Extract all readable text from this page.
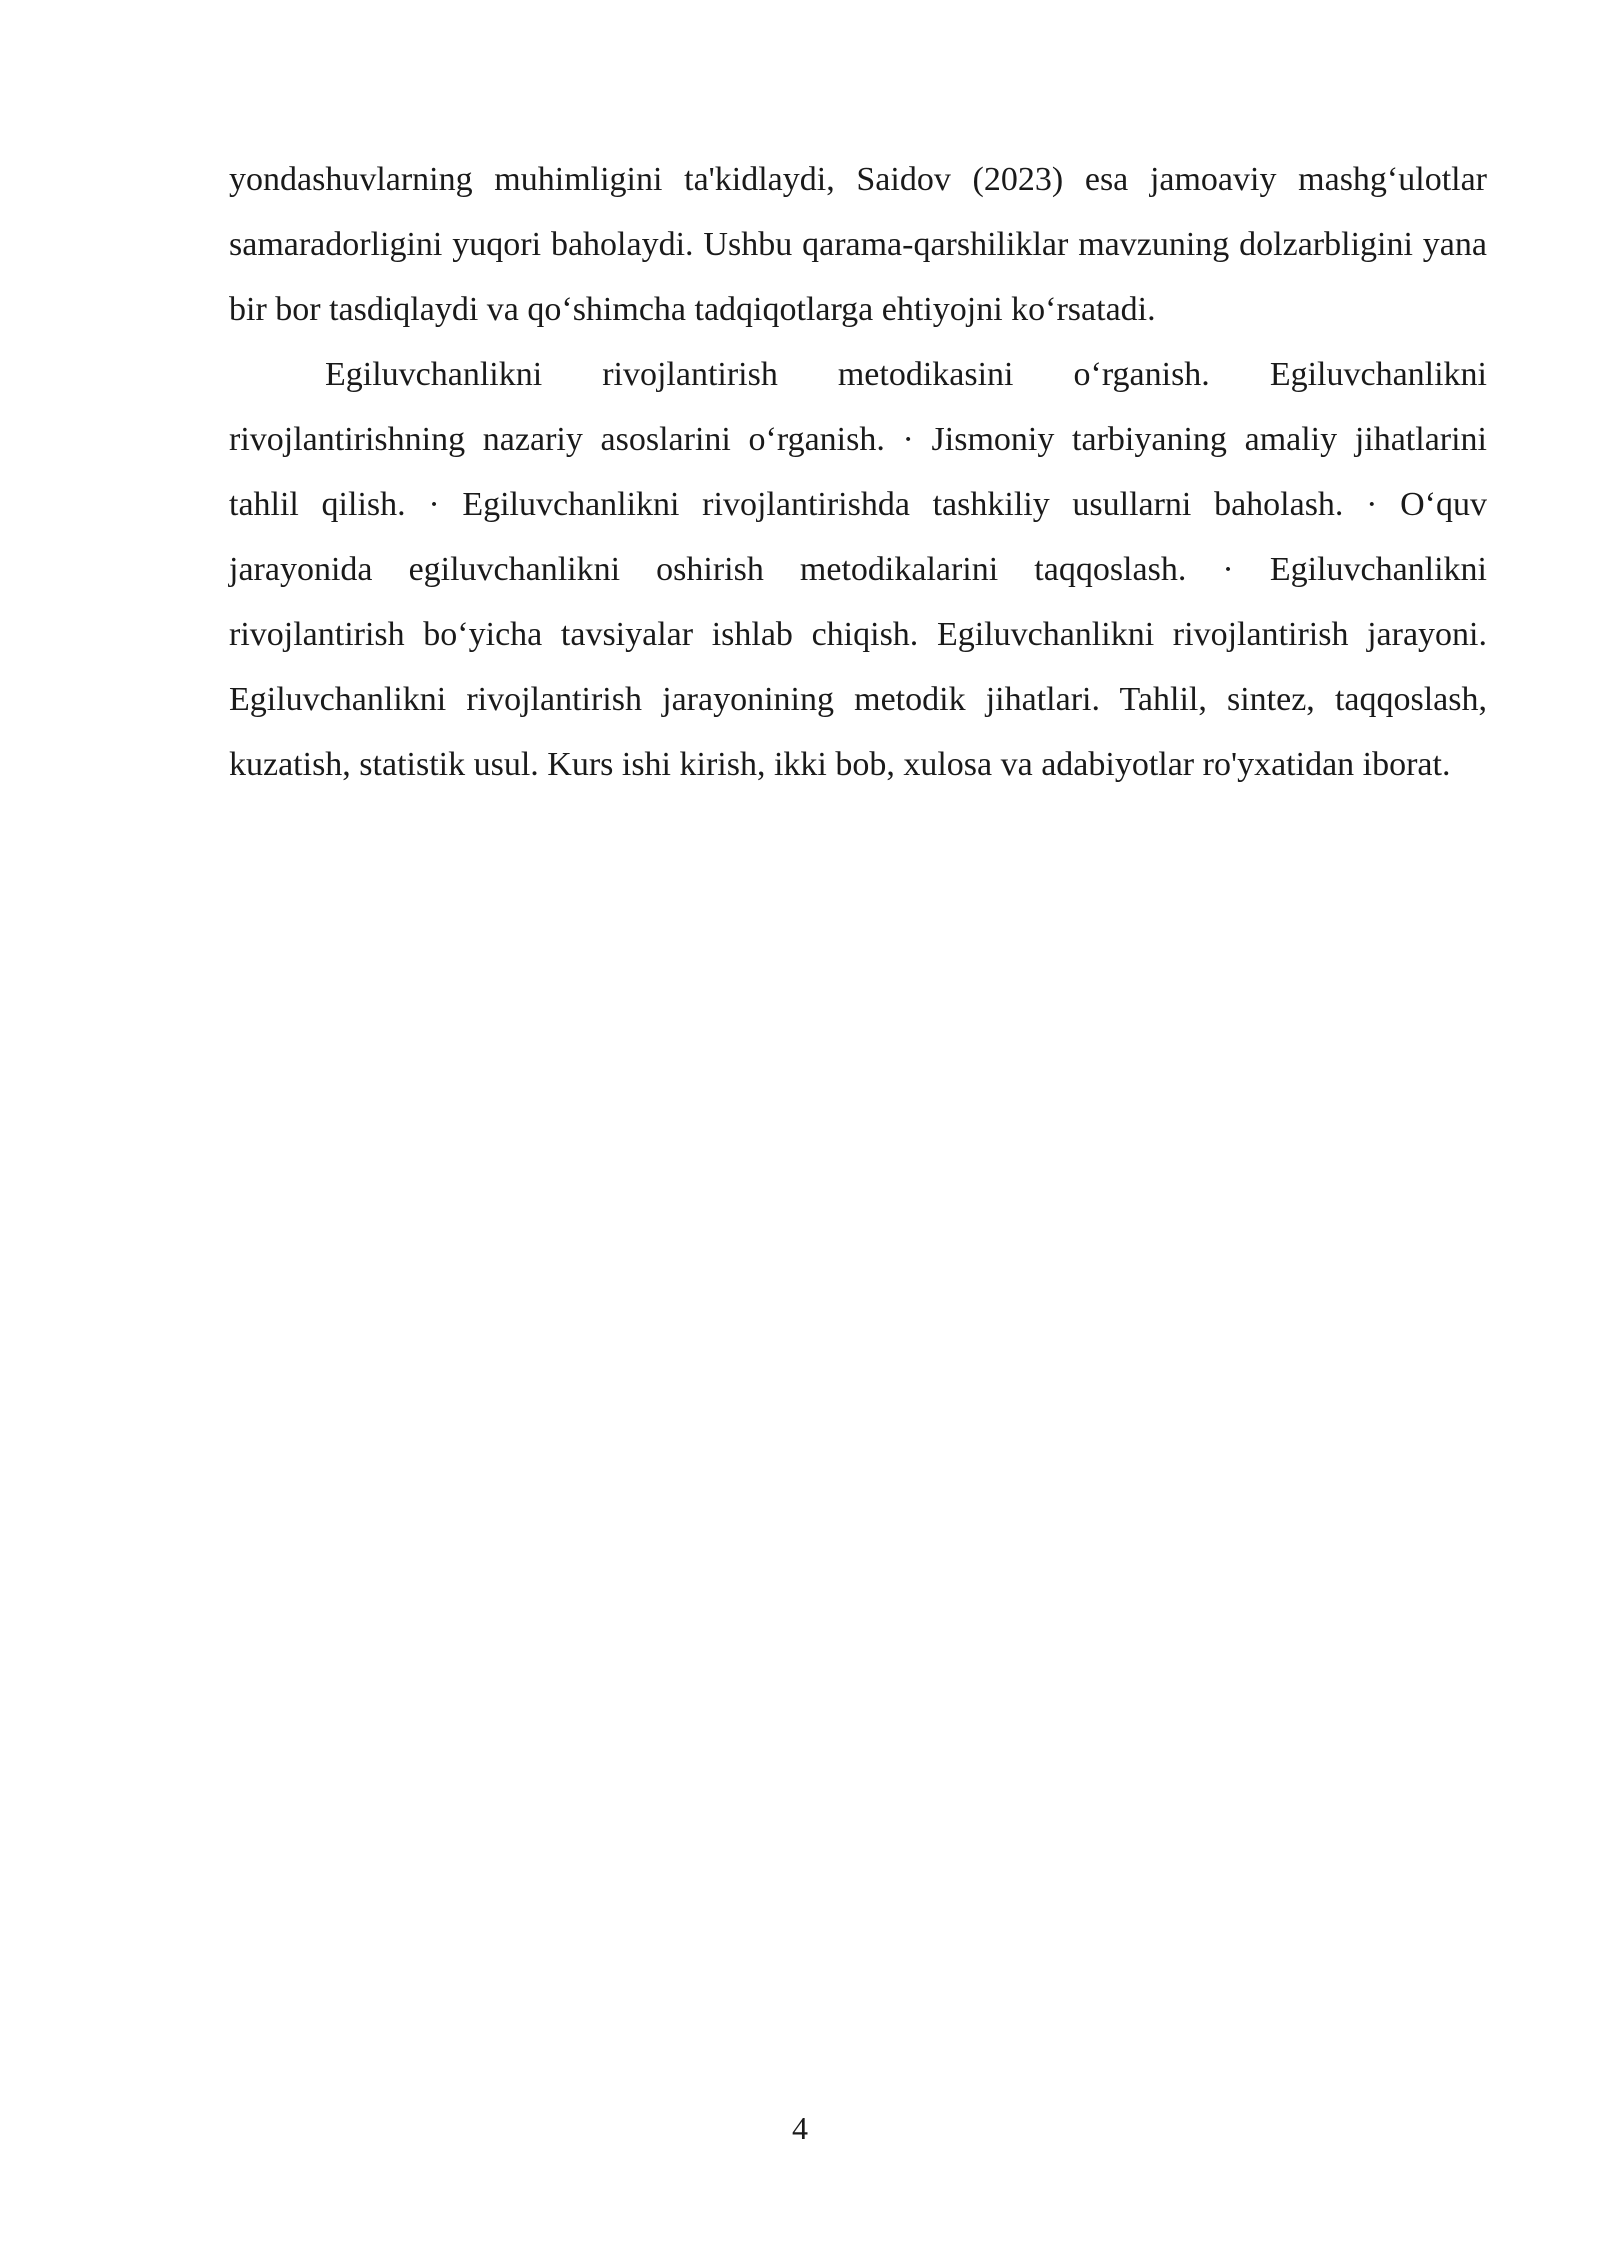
yondashuvlarning muhimligini ta'kidlaydi, Saidov (2023) esa jamoaviy mashg‘ulotlar samaradorligini yuqori baholaydi. Ushbu qarama-qarshiliklar mavzuning dolzarbligini yana bir bor tasdiqlaydi va qo‘shimcha tadqiqotlarga ehtiyojni ko‘rsatadi.

Egiluvchanlikni rivojlantirish metodikasini o‘rganish. Egiluvchanlikni rivojlantirishning nazariy asoslarini o‘rganish. · Jismoniy tarbiyaning amaliy jihatlarini tahlil qilish. · Egiluvchanlikni rivojlantirishda tashkiliy usullarni baholash. · O‘quv jarayonida egiluvchanlikni oshirish metodikalarini taqqoslash. · Egiluvchanlikni rivojlantirish bo‘yicha tavsiyalar ishlab chiqish. Egiluvchanlikni rivojlantirish jarayoni. Egiluvchanlikni rivojlantirish jarayonining metodik jihatlari. Tahlil, sintez, taqqoslash, kuzatish, statistik usul. Kurs ishi kirish, ikki bob, xulosa va adabiyotlar ro'yxatidan iborat.

4
